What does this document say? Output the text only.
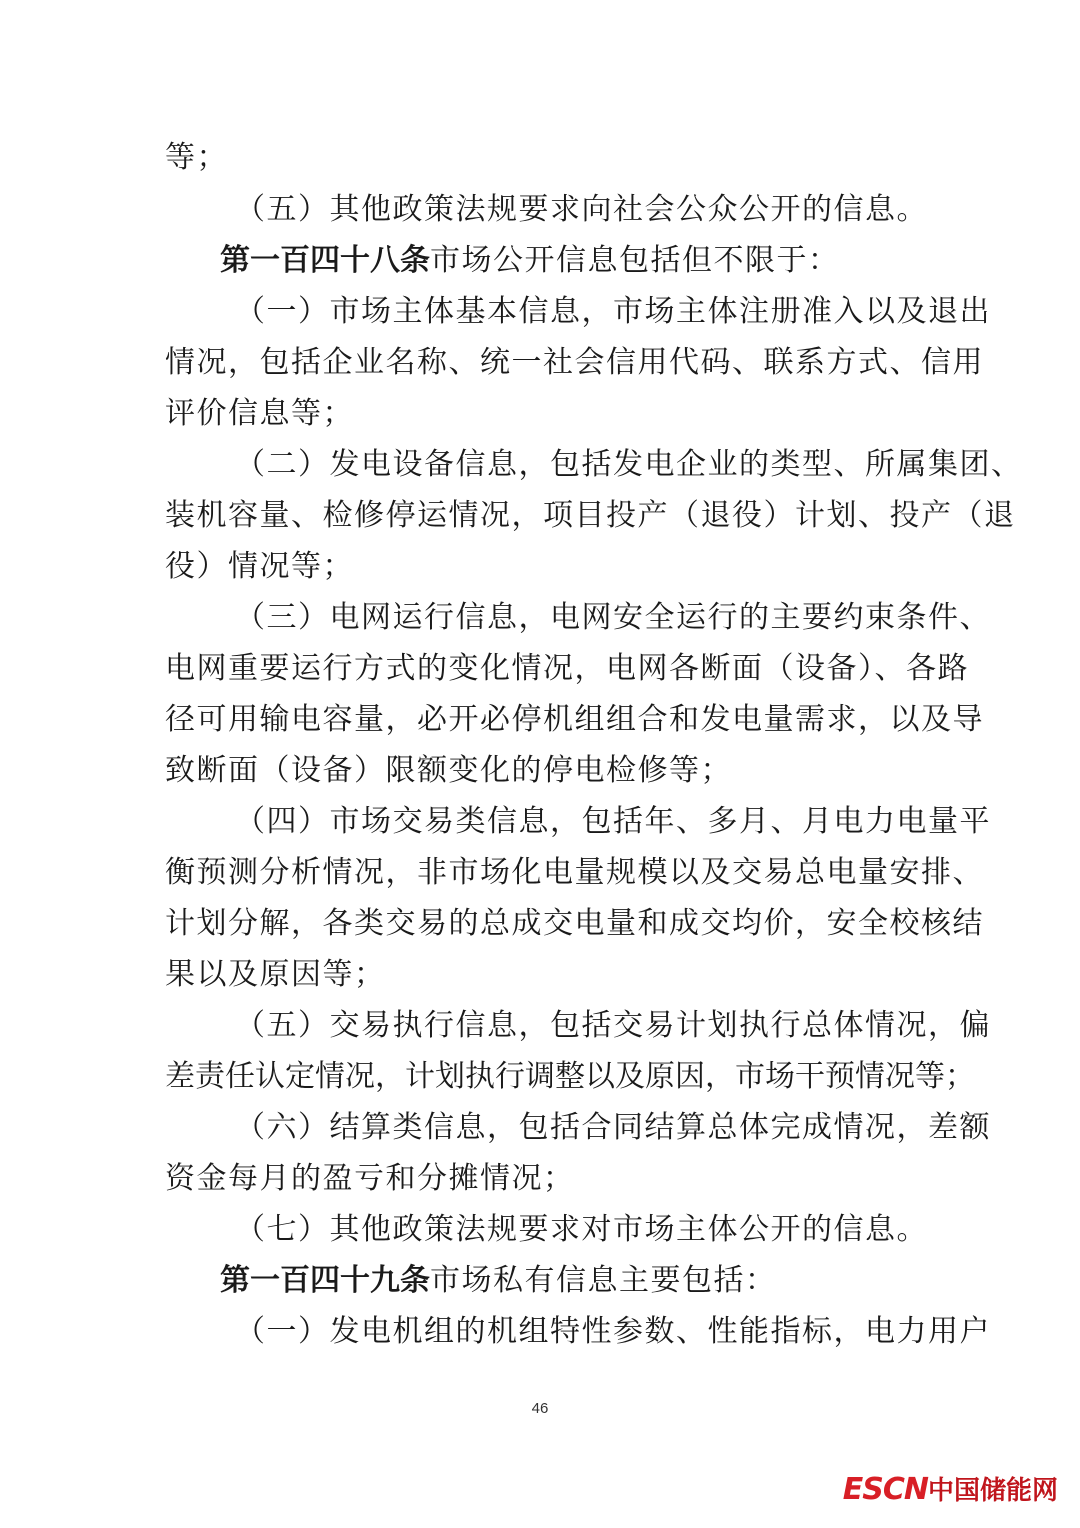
等；
（五）其他政策法规要求向社会公众公开的信息。
第一百四十八条市场公开信息包括但不限于：
（一）市场主体基本信息，市场主体注册准入以及退出
情况，包括企业名称、统一社会信用代码、联系方式、信用
评价信息等；
（二）发电设备信息，包括发电企业的类型、所属集团、
装机容量、检修停运情况，项目投产（退役）计划、投产（退
役）情况等；
（三）电网运行信息，电网安全运行的主要约束条件、
电网重要运行方式的变化情况，电网各断面（设备）、各路
径可用输电容量，必开必停机组组合和发电量需求，以及导
致断面（设备）限额变化的停电检修等；
（四）市场交易类信息，包括年、多月、月电力电量平
衡预测分析情况，非市场化电量规模以及交易总电量安排、
计划分解，各类交易的总成交电量和成交均价，安全校核结
果以及原因等；
（五）交易执行信息，包括交易计划执行总体情况，偏
差责任认定情况，计划执行调整以及原因，市场干预情况等；
（六）结算类信息，包括合同结算总体完成情况，差额
资金每月的盈亏和分摊情况；
（七）其他政策法规要求对市场主体公开的信息。
第一百四十九条市场私有信息主要包括：
（一）发电机组的机组特性参数、性能指标，电力用户
46
ESCN中国储能网
